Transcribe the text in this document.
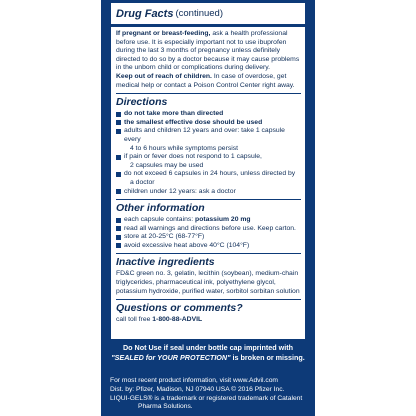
Drug Facts (continued)

If pregnant or breast-feeding, ask a health professional before use. It is especially important not to use ibuprofen during the last 3 months of pregnancy unless definitely directed to do so by a doctor because it may cause problems in the unborn child or complications during delivery.

Keep out of reach of children. In case of overdose, get medical help or contact a Poison Control Center right away.

Directions
do not take more than directed
the smallest effective dose should be used
adults and children 12 years and over: take 1 capsule every
4 to 6 hours while symptoms persist
if pain or fever does not respond to 1 capsule,
2 capsules may be used
do not exceed 6 capsules in 24 hours, unless directed by
a doctor
children under 12 years: ask a doctor
Other information
each capsule contains: potassium 20 mg
read all warnings and directions before use. Keep carton.
store at 20-25°C (68-77°F)
avoid excessive heat above 40°C (104°F)
Inactive ingredients

FD&C green no. 3, gelatin, lecithin (soybean), medium-chain triglycerides, pharmaceutical ink, polyethylene glycol, potassium hydroxide, purified water, sorbitol sorbitan solution

Questions or comments?

call toll free 1-800-88-ADVIL

Do Not Use if seal under bottle cap imprinted with
"SEALED for YOUR PROTECTION" is broken or missing.
For most recent product information, visit www.Advil.com
Dist. by: Pfizer, Madison, NJ 07940 USA © 2016 Pfizer Inc.
LIQUI-GELS® is a trademark or registered trademark of Catalent
Pharma Solutions.
